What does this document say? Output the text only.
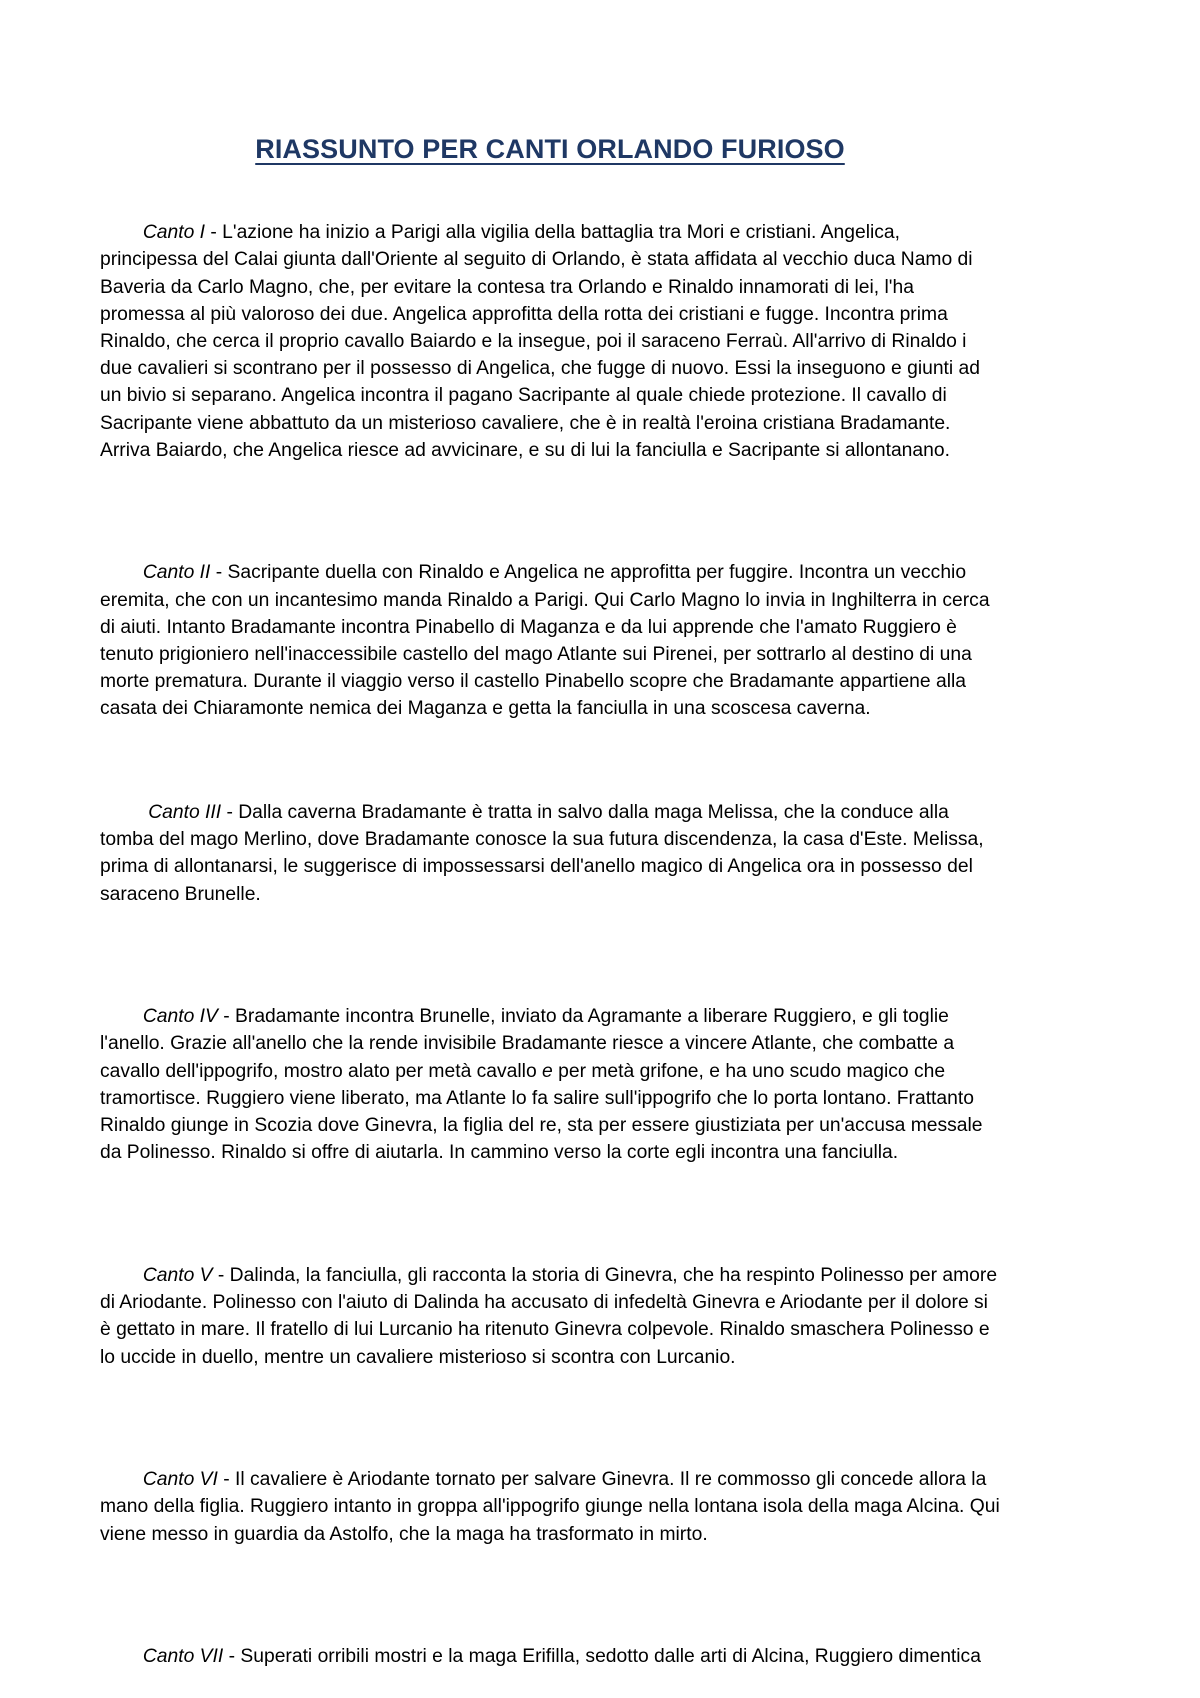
RIASSUNTO PER CANTI ORLANDO FURIOSO

Canto I - L'azione ha inizio a Parigi alla vigilia della battaglia tra Mori e cristiani. Angelica, principessa del Calai giunta dall'Oriente al seguito di Orlando, è stata affidata al vecchio duca Namo di Baveria da Carlo Magno, che, per evitare la contesa tra Orlando e Rinaldo innamorati di lei, l'ha promessa al più valoroso dei due. Angelica approfitta della rotta dei cristiani e fugge. Incontra prima Rinaldo, che cerca il proprio cavallo Baiardo e la insegue, poi il saraceno Ferraù. All'arrivo di Rinaldo i due cavalieri si scontrano per il possesso di Angelica, che fugge di nuovo. Essi la inseguono e giunti ad un bivio si separano. Angelica incontra il pagano Sacripante al quale chiede protezione. Il cavallo di Sacripante viene abbattuto da un misterioso cavaliere, che è in realtà l'eroina cristiana Bradamante. Arriva Baiardo, che Angelica riesce ad avvicinare, e su di lui la fanciulla e Sacripante si allontanano.

Canto II - Sacripante duella con Rinaldo e Angelica ne approfitta per fuggire. Incontra un vecchio eremita, che con un incantesimo manda Rinaldo a Parigi. Qui Carlo Magno lo invia in Inghilterra in cerca di aiuti. Intanto Bradamante incontra Pinabello di Maganza e da lui apprende che l'amato Ruggiero è tenuto prigioniero nell'inaccessibile castello del mago Atlante sui Pirenei, per sottrarlo al destino di una morte prematura. Durante il viaggio verso il castello Pinabello scopre che Bradamante appartiene alla casata dei Chiaramonte nemica dei Maganza e getta la fanciulla in una scoscesa caverna.

Canto III - Dalla caverna Bradamante è tratta in salvo dalla maga Melissa, che la conduce alla tomba del mago Merlino, dove Bradamante conosce la sua futura discendenza, la casa d'Este. Melissa, prima di allontanarsi, le suggerisce di impossessarsi dell'anello magico di Angelica ora in possesso del saraceno Brunelle.

Canto IV - Bradamante incontra Brunelle, inviato da Agramante a liberare Ruggiero, e gli toglie l'anello. Grazie all'anello che la rende invisibile Bradamante riesce a vincere Atlante, che combatte a cavallo dell'ippogrifo, mostro alato per metà cavallo e per metà grifone, e ha uno scudo magico che tramortisce. Ruggiero viene liberato, ma Atlante lo fa salire sull'ippogrifo che lo porta lontano. Frattanto Rinaldo giunge in Scozia dove Ginevra, la figlia del re, sta per essere giustiziata per un'accusa messale da Polinesso. Rinaldo si offre di aiutarla. In cammino verso la corte egli incontra una fanciulla.

Canto V - Dalinda, la fanciulla, gli racconta la storia di Ginevra, che ha respinto Polinesso per amore di Ariodante. Polinesso con l'aiuto di Dalinda ha accusato di infedeltà Ginevra e Ariodante per il dolore si è gettato in mare. Il fratello di lui Lurcanio ha ritenuto Ginevra colpevole. Rinaldo smaschera Polinesso e lo uccide in duello, mentre un cavaliere misterioso si scontra con Lurcanio.

Canto VI - Il cavaliere è Ariodante tornato per salvare Ginevra. Il re commosso gli concede allora la mano della figlia. Ruggiero intanto in groppa all'ippogrifo giunge nella lontana isola della maga Alcina. Qui viene messo in guardia da Astolfo, che la maga ha trasformato in mirto.

Canto VII - Superati orribili mostri e la maga Erifilla, sedotto dalle arti di Alcina, Ruggiero dimentica
